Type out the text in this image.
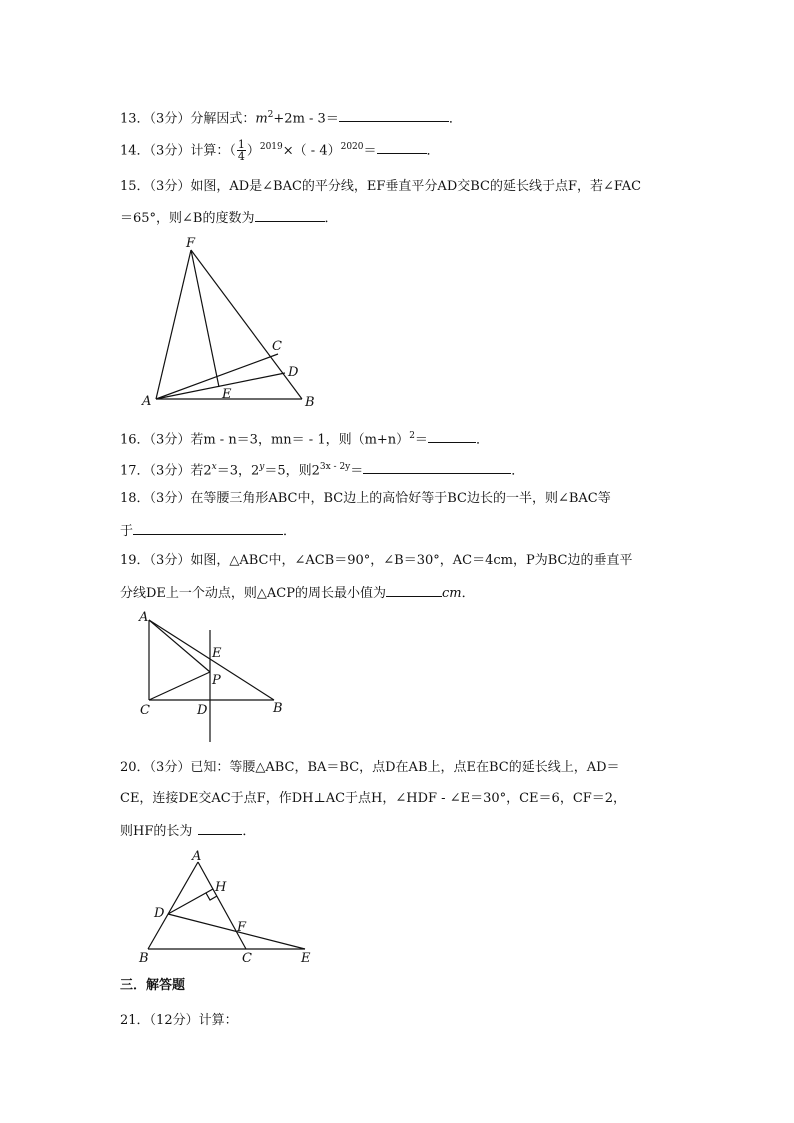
13．（3分）分解因式：$m^2+2m - 3=$	．
14．（3分）计算：（ $\frac{1}{4} )^{2019}\times( - 4)^{2020}=$	．
15．（3分）如图，AD是∠BAC的平分线，EF垂直平分AD交BC的延长线于点F，若∠FAC
＝65°，则∠B的度数为	．
F
C
D
A	E
B
16．（3分）若m - n＝3，mn＝ - 1，则$(m+n)^2=$	．
17．（3分）若$2^x=3$，$2^y=5$，则$2^{3x - 2y}=$	．
18．（3分）在等腰三角形ABC中，BC边上的高恰好等于BC边长的一半，则∠BAC等
于	．
19．（3分）如图，△ABC中，∠ACB＝90°，∠B＝30°，AC＝4cm，P为BC边的垂直平
分线DE上一个动点，则△ACP的周长最小值为	cm．
A
E
P
C	D	B
20．（3分）已知：等腰△ABC，BA＝BC，点D在AB上，点E在BC的延长线上，AD＝
CE，连接DE交AC于点F，作DH⊥AC于点H，∠HDF - ∠E＝30°，CE＝6，CF＝2，
则HF的长为	．
A
H
D
F
B	C	E
三．解答题
21．（12分）计算：
